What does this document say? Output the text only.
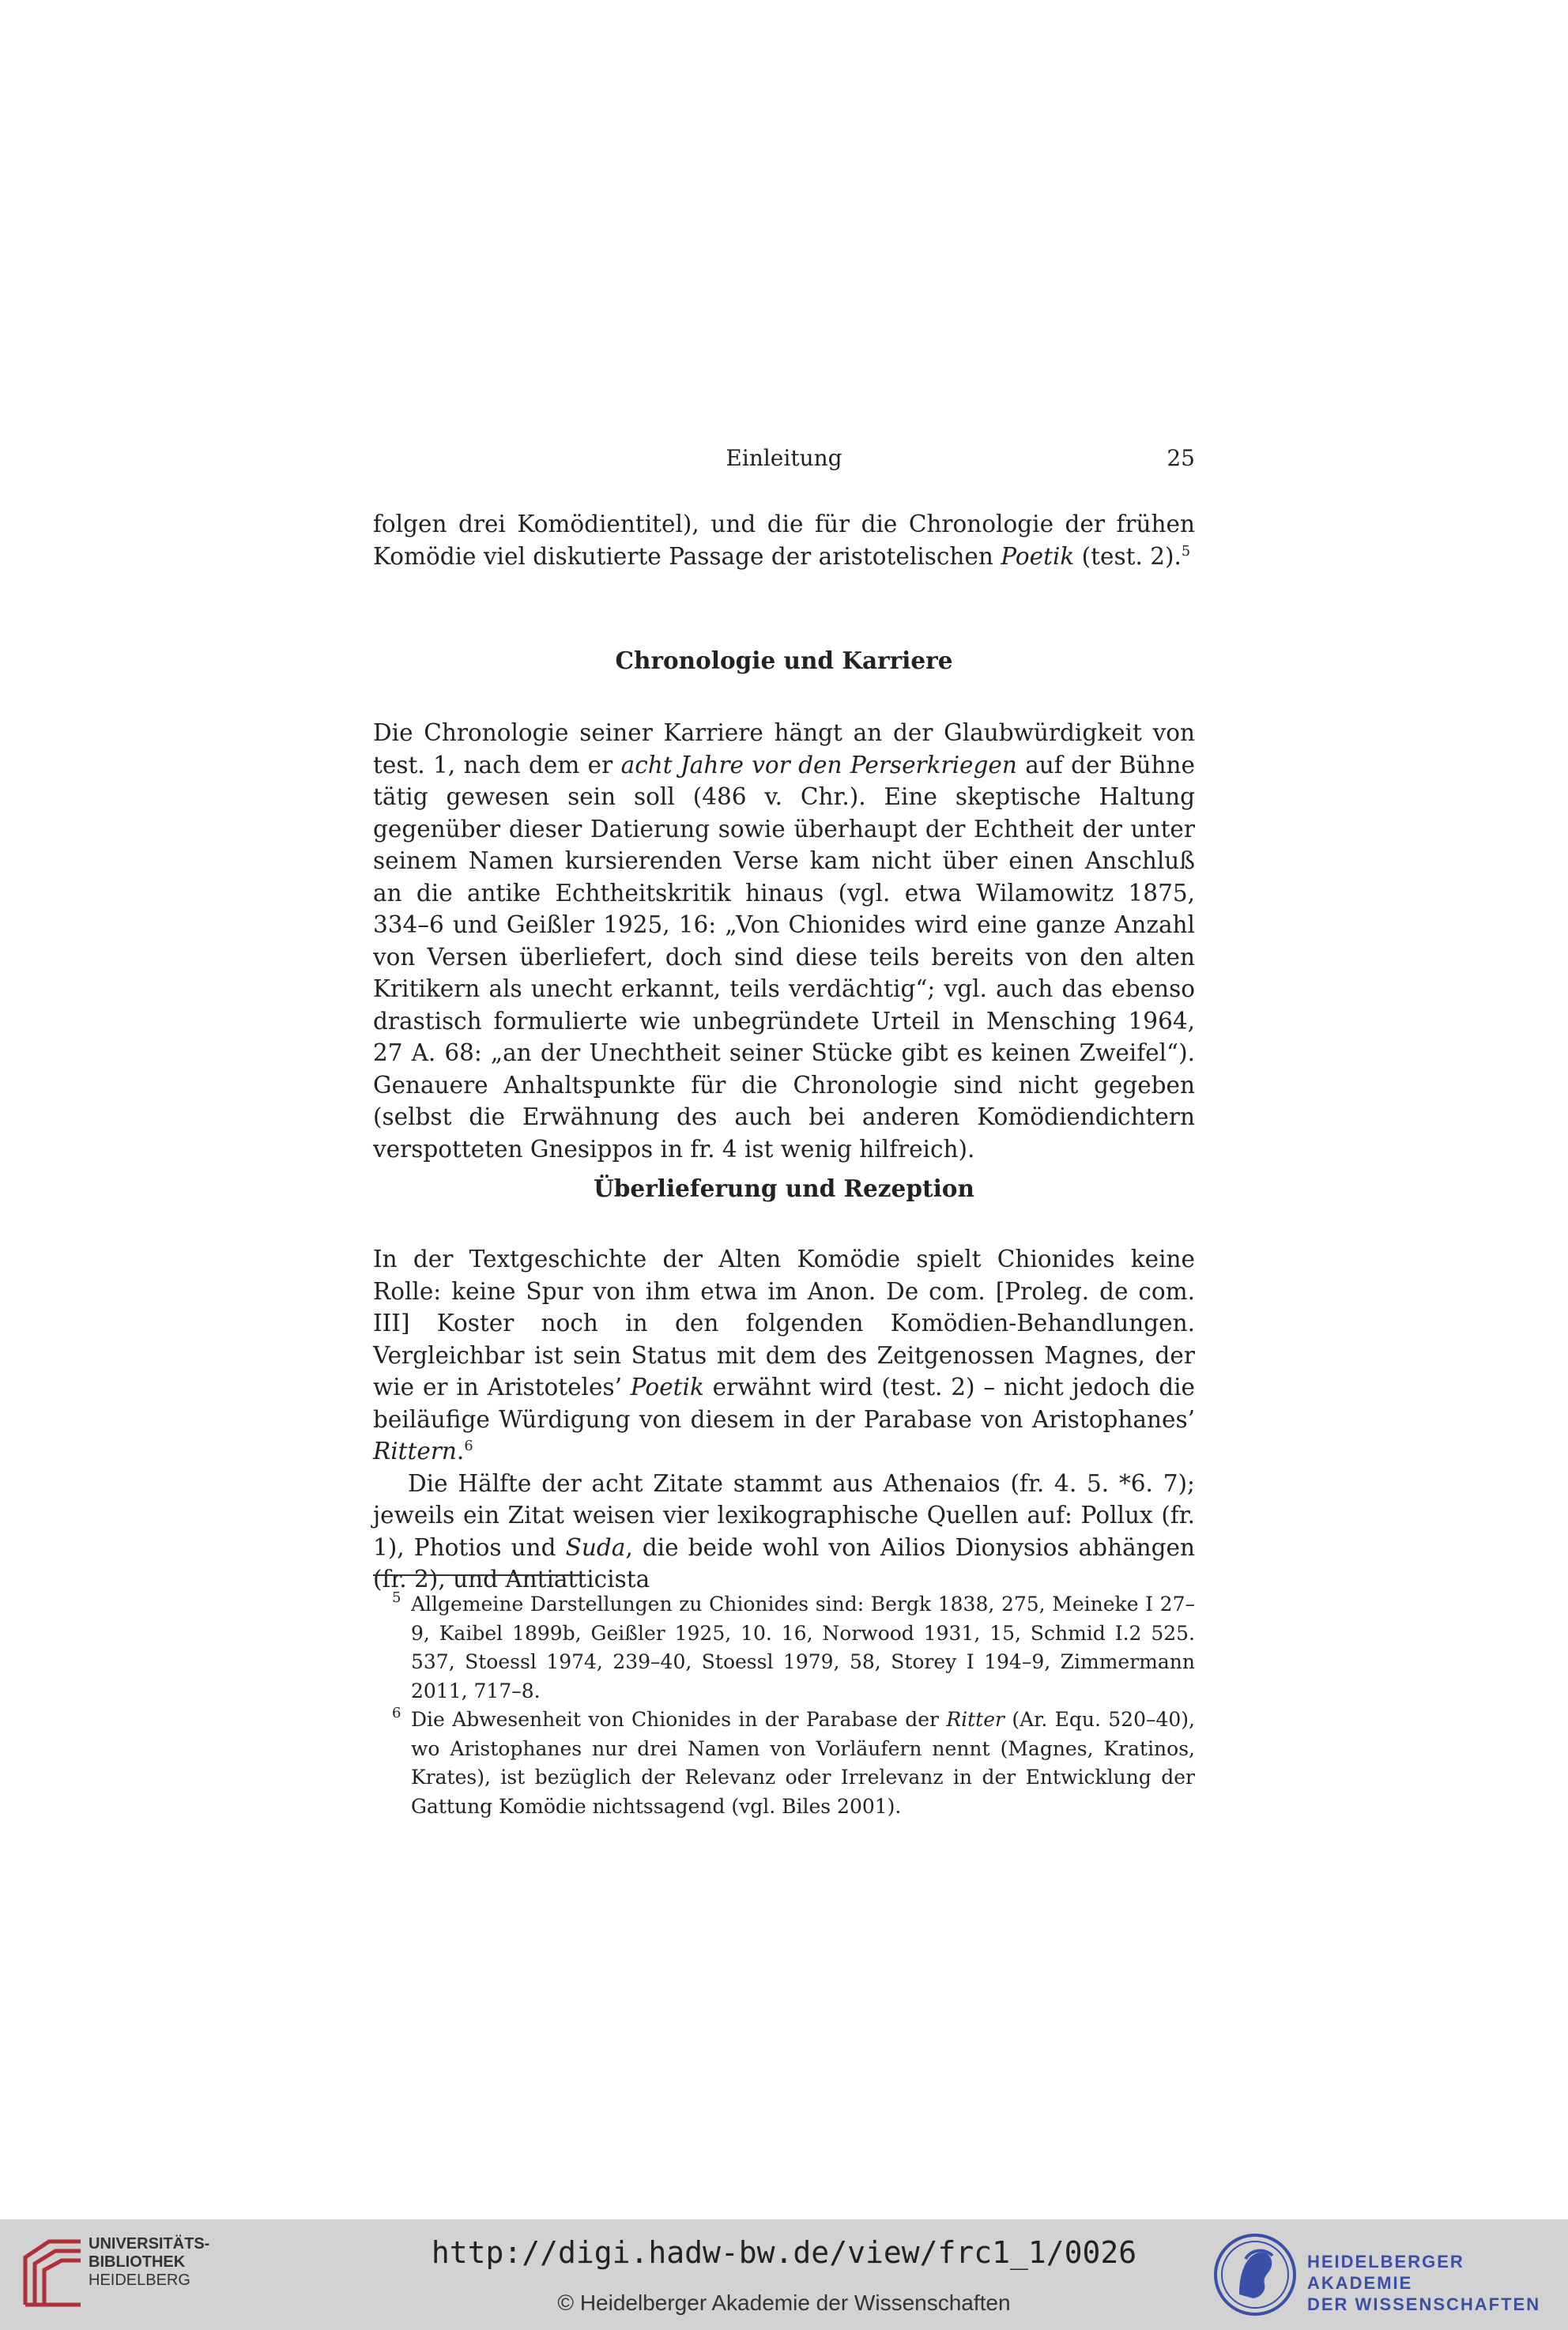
Einleitung	25

folgen drei Komödientitel), und die für die Chronologie der frühen Komödie viel diskutierte Passage der aristotelischen Poetik (test. 2).$^5$

Chronologie und Karriere

Die Chronologie seiner Karriere hängt an der Glaubwürdigkeit von test. 1, nach dem er acht Jahre vor den Perserkriegen auf der Bühne tätig gewesen sein soll (486 v. Chr.). Eine skeptische Haltung gegenüber dieser Datierung sowie überhaupt der Echtheit der unter seinem Namen kursierenden Verse kam nicht über einen Anschluß an die antike Echtheitskritik hinaus (vgl. etwa Wilamowitz 1875, 334–6 und Geißler 1925, 16: „Von Chionides wird eine ganze Anzahl von Versen überliefert, doch sind diese teils bereits von den alten Kritikern als unecht erkannt, teils verdächtig“; vgl. auch das ebenso drastisch formulierte wie unbegründete Urteil in Mensching 1964, 27 A. 68: „an der Unechtheit seiner Stücke gibt es keinen Zweifel“). Genauere Anhaltspunkte für die Chronologie sind nicht gegeben (selbst die Erwähnung des auch bei anderen Komödiendichtern verspotteten Gnesippos in fr. 4 ist wenig hilfreich).

Überlieferung und Rezeption

In der Textgeschichte der Alten Komödie spielt Chionides keine Rolle: keine Spur von ihm etwa im Anon. De com. [Proleg. de com. III] Koster noch in den folgenden Komödien-Behandlungen. Vergleichbar ist sein Status mit dem des Zeitgenossen Magnes, der wie er in Aristoteles’ Poetik erwähnt wird (test. 2) – nicht jedoch die beiläufige Würdigung von diesem in der Parabase von Aristophanes’ Rittern.$^6$

Die Hälfte der acht Zitate stammt aus Athenaios (fr. 4. 5. *6. 7); jeweils ein Zitat weisen vier lexikographische Quellen auf: Pollux (fr. 1), Photios und Suda, die beide wohl von Ailios Dionysios abhängen (fr. 2), und Antiatticista

5 Allgemeine Darstellungen zu Chionides sind: Bergk 1838, 275, Meineke I 27–9, Kaibel 1899b, Geißler 1925, 10. 16, Norwood 1931, 15, Schmid I.2 525. 537, Stoessl 1974, 239–40, Stoessl 1979, 58, Storey I 194–9, Zimmermann 2011, 717–8.

6 Die Abwesenheit von Chionides in der Parabase der Ritter (Ar. Equ. 520–40), wo Aristophanes nur drei Namen von Vorläufern nennt (Magnes, Kratinos, Krates), ist bezüglich der Relevanz oder Irrelevanz in der Entwicklung der Gattung Komödie nichtssagend (vgl. Biles 2001).

UNIVERSITÄTS-
BIBLIOTHEK
HEIDELBERG
http://digi.hadw-bw.de/view/frc1_1/0026
© Heidelberger Akademie der Wissenschaften
HEIDELBERGER AKADEMIE
DER WISSENSCHAFTEN
